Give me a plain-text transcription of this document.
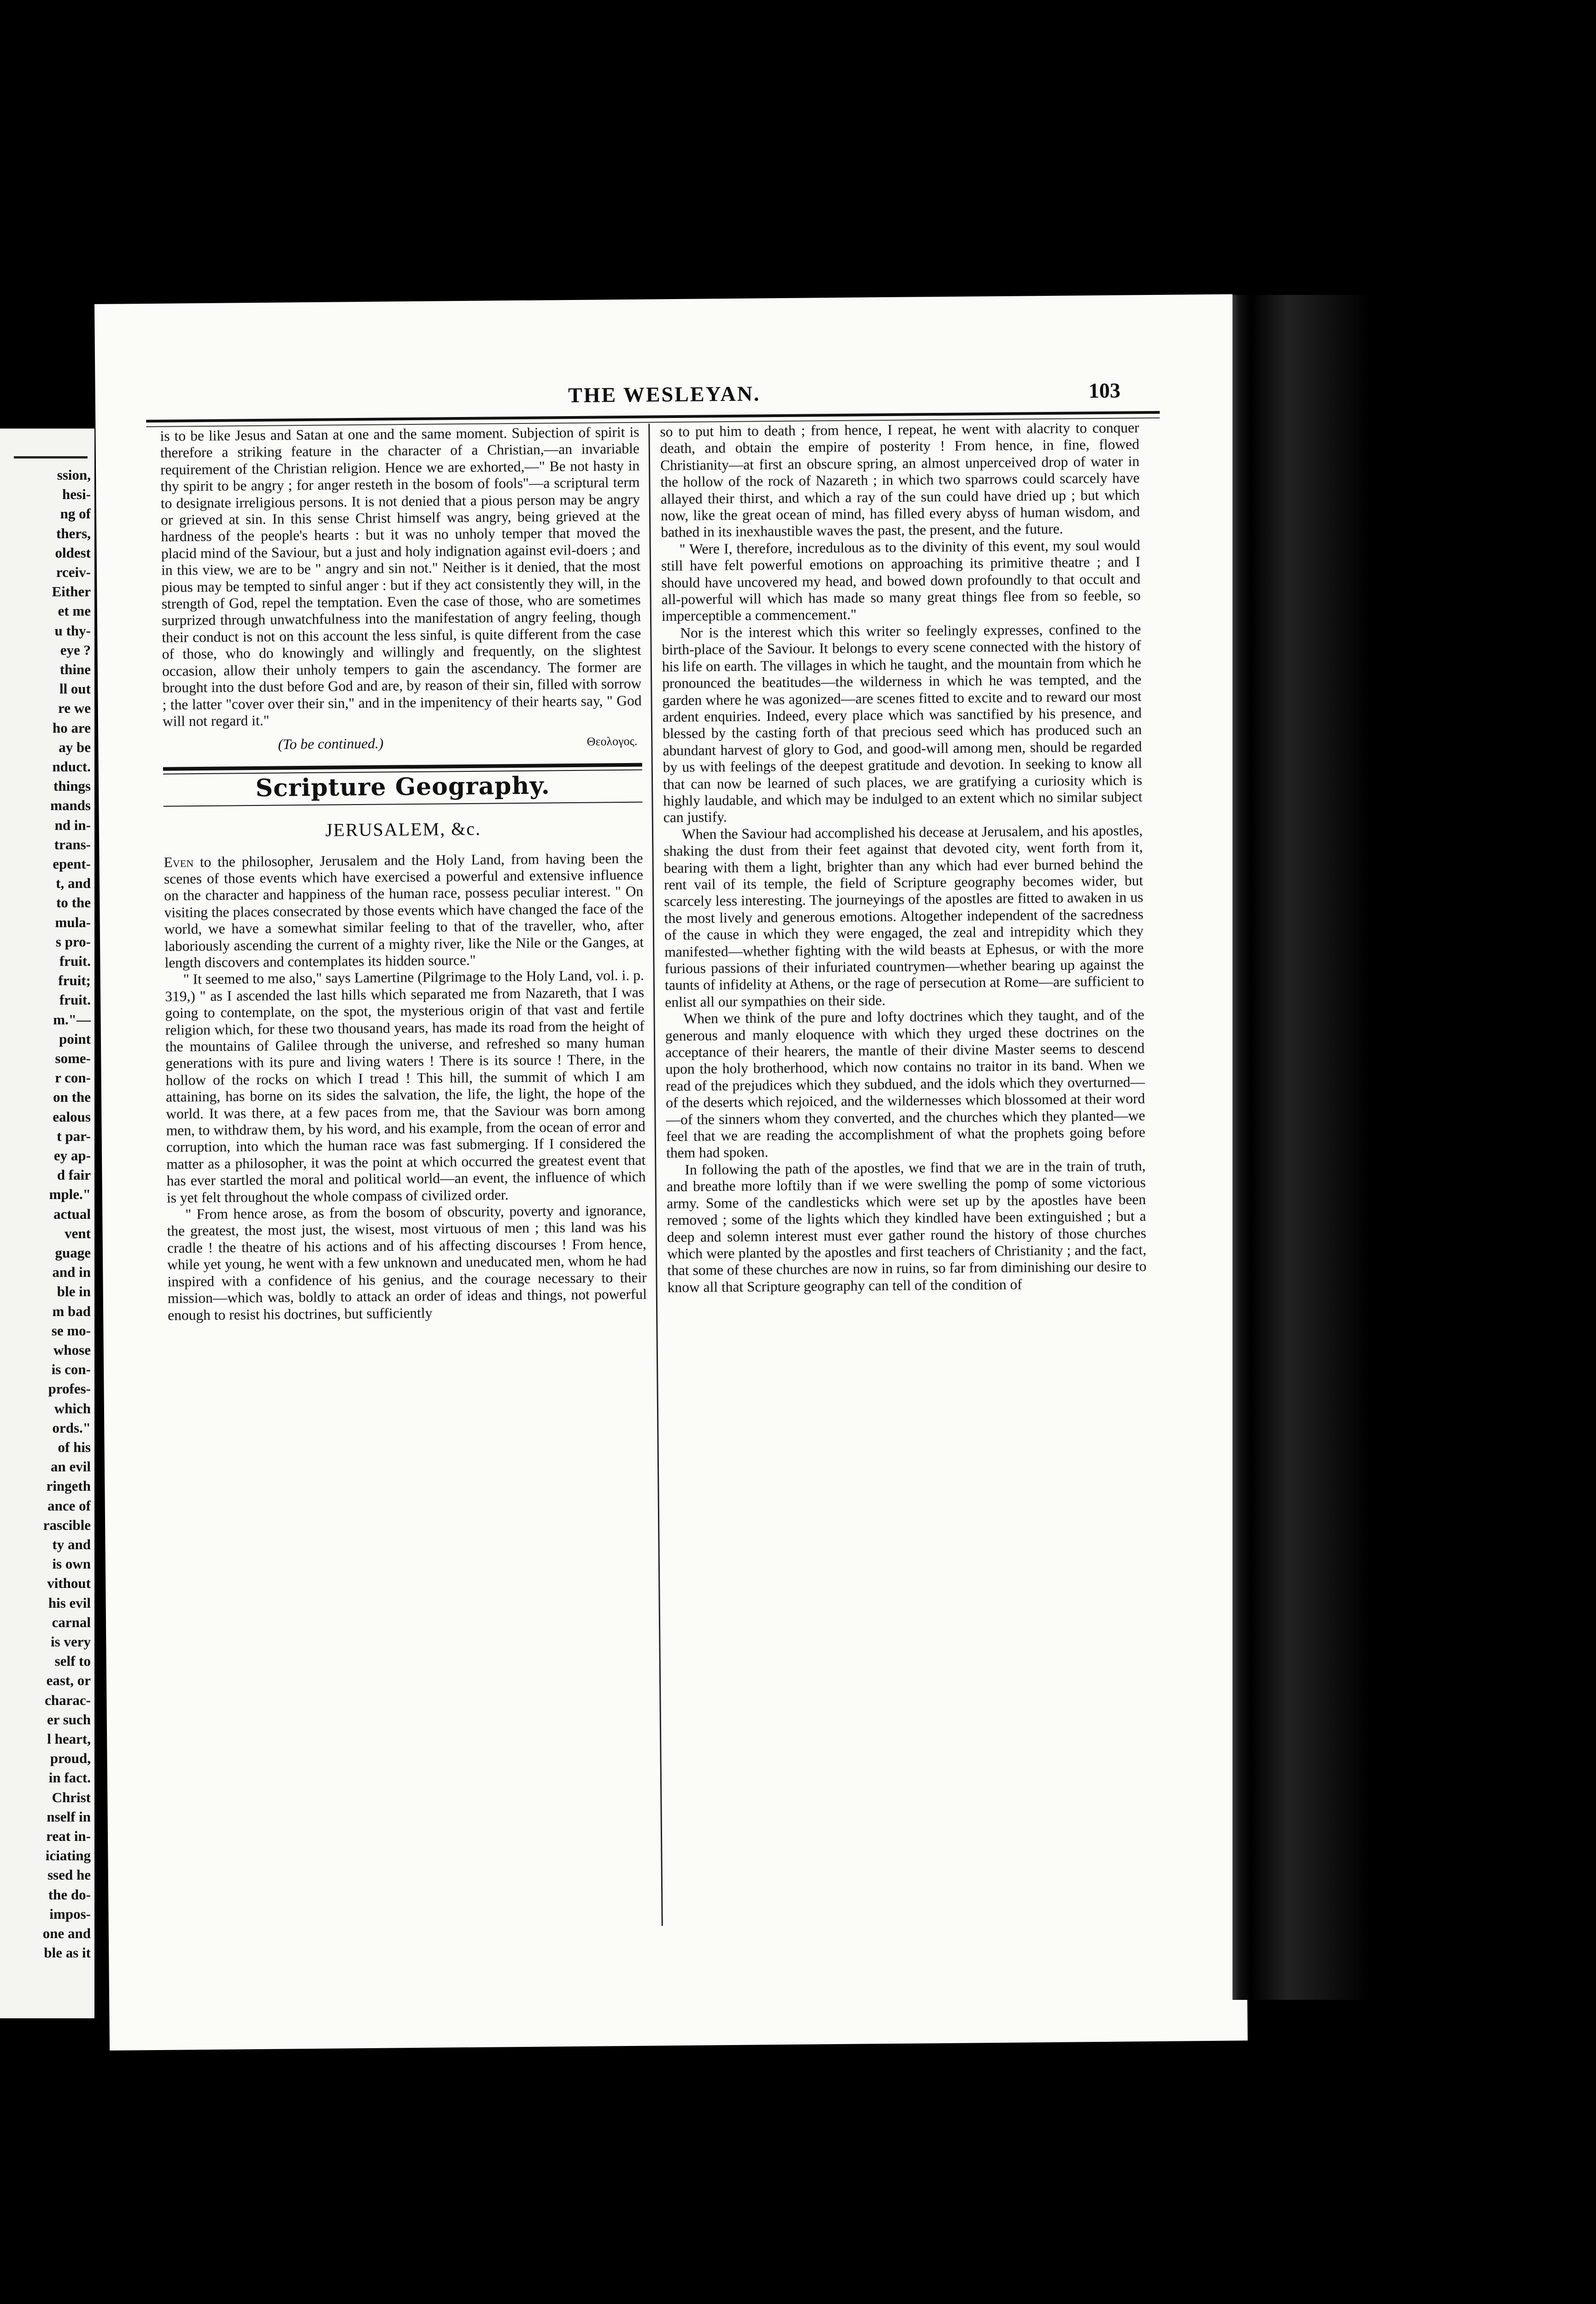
ssion,
hesi-
ng of
thers,
oldest
rceiv-
Either
et me
u thy-
eye ?
thine
ll out
re we
ho are
ay be
nduct.
things
mands
nd in-
trans-
epent-
t, and
to the
mula-
s pro-
fruit.
fruit;
fruit.
m."—
point
some-
r con-
on the
ealous
t par-
ey ap-
d fair
mple."
actual
vent
guage
and in
ble in
m bad
se mo-
whose
is con-
profes-
which
ords."
of his
an evil
ringeth
ance of
rascible
ty and
is own
vithout
his evil
carnal
is very
self to
east, or
charac-
er such
l heart,
proud,
in fact.
Christ
nself in
reat in-
iciating
ssed he
the do-
impos-
one and
ble as it
THE WESLEYAN.	103

is to be like Jesus and Satan at one and the same moment. Subjection of spirit is therefore a striking feature in the character of a Christian,—an invariable requirement of the Christian religion. Hence we are exhorted,—" Be not hasty in thy spirit to be angry ; for anger resteth in the bosom of fools"—a scriptural term to designate irreligious persons. It is not denied that a pious person may be angry or grieved at sin. In this sense Christ himself was angry, being grieved at the hardness of the people's hearts : but it was no unholy temper that moved the placid mind of the Saviour, but a just and holy indignation against evil-doers ; and in this view, we are to be " angry and sin not." Neither is it denied, that the most pious may be tempted to sinful anger : but if they act consistently they will, in the strength of God, repel the temptation. Even the case of those, who are sometimes surprized through unwatchfulness into the manifestation of angry feeling, though their conduct is not on this account the less sinful, is quite different from the case of those, who do knowingly and willingly and frequently, on the slightest occasion, allow their unholy tempers to gain the ascendancy. The former are brought into the dust before God and are, by reason of their sin, filled with sorrow ; the latter "cover over their sin," and in the impenitency of their hearts say, " God will not regard it."

(To be continued.)	Θεολογος.
Scripture Geography.
JERUSALEM, &c.

Even to the philosopher, Jerusalem and the Holy Land, from having been the scenes of those events which have exercised a powerful and extensive influence on the character and happiness of the human race, possess peculiar interest. " On visiting the places consecrated by those events which have changed the face of the world, we have a somewhat similar feeling to that of the traveller, who, after laboriously ascending the current of a mighty river, like the Nile or the Ganges, at length discovers and contemplates its hidden source."

" It seemed to me also," says Lamertine (Pilgrimage to the Holy Land, vol. i. p. 319,) " as I ascended the last hills which separated me from Nazareth, that I was going to contemplate, on the spot, the mysterious origin of that vast and fertile religion which, for these two thousand years, has made its road from the height of the mountains of Galilee through the universe, and refreshed so many human generations with its pure and living waters ! There is its source ! There, in the hollow of the rocks on which I tread ! This hill, the summit of which I am attaining, has borne on its sides the salvation, the life, the light, the hope of the world. It was there, at a few paces from me, that the Saviour was born among men, to withdraw them, by his word, and his example, from the ocean of error and corruption, into which the human race was fast submerging. If I considered the matter as a philosopher, it was the point at which occurred the greatest event that has ever startled the moral and political world—an event, the influence of which is yet felt throughout the whole compass of civilized order.

" From hence arose, as from the bosom of obscurity, poverty and ignorance, the greatest, the most just, the wisest, most virtuous of men ; this land was his cradle ! the theatre of his actions and of his affecting discourses ! From hence, while yet young, he went with a few unknown and uneducated men, whom he had inspired with a confidence of his genius, and the courage necessary to their mission—which was, boldly to attack an order of ideas and things, not powerful enough to resist his doctrines, but sufficiently

so to put him to death ; from hence, I repeat, he went with alacrity to conquer death, and obtain the empire of posterity ! From hence, in fine, flowed Christianity—at first an obscure spring, an almost unperceived drop of water in the hollow of the rock of Nazareth ; in which two sparrows could scarcely have allayed their thirst, and which a ray of the sun could have dried up ; but which now, like the great ocean of mind, has filled every abyss of human wisdom, and bathed in its inexhaustible waves the past, the present, and the future.

" Were I, therefore, incredulous as to the divinity of this event, my soul would still have felt powerful emotions on approaching its primitive theatre ; and I should have uncovered my head, and bowed down profoundly to that occult and all-powerful will which has made so many great things flee from so feeble, so imperceptible a commencement."

Nor is the interest which this writer so feelingly expresses, confined to the birth-place of the Saviour. It belongs to every scene connected with the history of his life on earth. The villages in which he taught, and the mountain from which he pronounced the beatitudes—the wilderness in which he was tempted, and the garden where he was agonized—are scenes fitted to excite and to reward our most ardent enquiries. Indeed, every place which was sanctified by his presence, and blessed by the casting forth of that precious seed which has produced such an abundant harvest of glory to God, and good-will among men, should be regarded by us with feelings of the deepest gratitude and devotion. In seeking to know all that can now be learned of such places, we are gratifying a curiosity which is highly laudable, and which may be indulged to an extent which no similar subject can justify.

When the Saviour had accomplished his decease at Jerusalem, and his apostles, shaking the dust from their feet against that devoted city, went forth from it, bearing with them a light, brighter than any which had ever burned behind the rent vail of its temple, the field of Scripture geography becomes wider, but scarcely less interesting. The journeyings of the apostles are fitted to awaken in us the most lively and generous emotions. Altogether independent of the sacredness of the cause in which they were engaged, the zeal and intrepidity which they manifested—whether fighting with the wild beasts at Ephesus, or with the more furious passions of their infuriated countrymen—whether bearing up against the taunts of infidelity at Athens, or the rage of persecution at Rome—are sufficient to enlist all our sympathies on their side.

When we think of the pure and lofty doctrines which they taught, and of the generous and manly eloquence with which they urged these doctrines on the acceptance of their hearers, the mantle of their divine Master seems to descend upon the holy brotherhood, which now contains no traitor in its band. When we read of the prejudices which they subdued, and the idols which they overturned—of the deserts which rejoiced, and the wildernesses which blossomed at their word—of the sinners whom they converted, and the churches which they planted—we feel that we are reading the accomplishment of what the prophets going before them had spoken.

In following the path of the apostles, we find that we are in the train of truth, and breathe more loftily than if we were swelling the pomp of some victorious army. Some of the candlesticks which were set up by the apostles have been removed ; some of the lights which they kindled have been extinguished ; but a deep and solemn interest must ever gather round the history of those churches which were planted by the apostles and first teachers of Christianity ; and the fact, that some of these churches are now in ruins, so far from diminishing our desire to know all that Scripture geography can tell of the condition of
